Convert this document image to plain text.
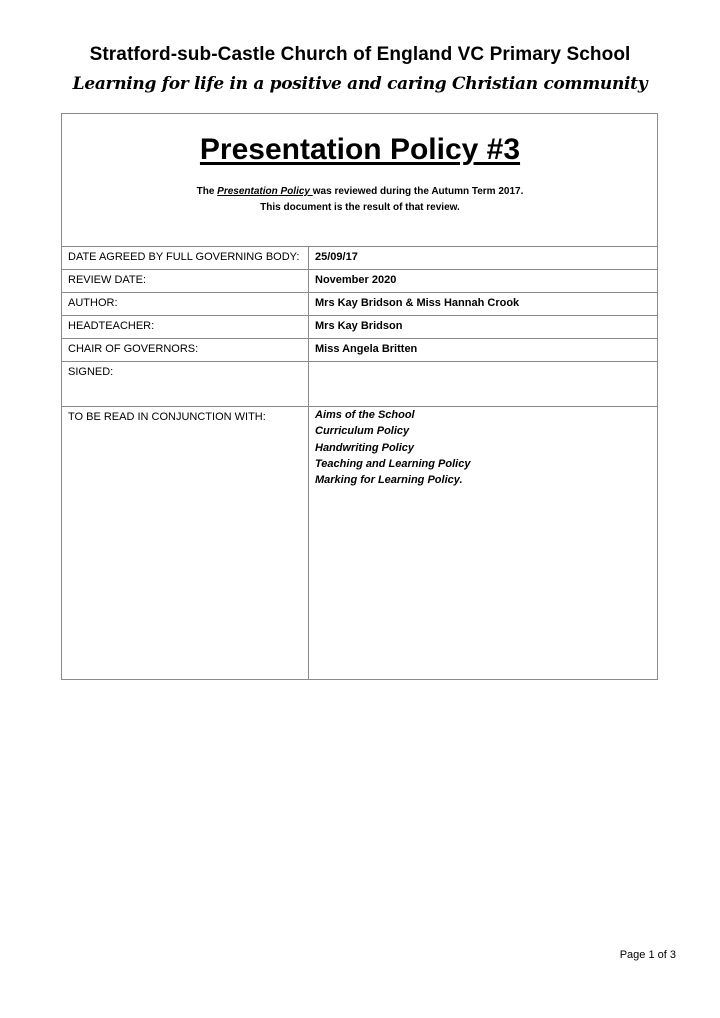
Stratford-sub-Castle Church of England VC Primary School
Learning for life in a positive and caring Christian community
Presentation Policy #3
The Presentation Policy was reviewed during the Autumn Term 2017.
This document is the result of that review.
DATE AGREED BY FULL GOVERNING BODY: 25/09/17
REVIEW DATE:	November 2020
AUTHOR:	Mrs Kay Bridson & Miss Hannah Crook
HEADTEACHER:	Mrs Kay Bridson
CHAIR OF GOVERNORS:	Miss Angela Britten
SIGNED:
TO BE READ IN CONJUNCTION WITH:	Aims of the School
Curriculum Policy
Handwriting Policy
Teaching and Learning Policy
Marking for Learning Policy.
Page 1 of 3
